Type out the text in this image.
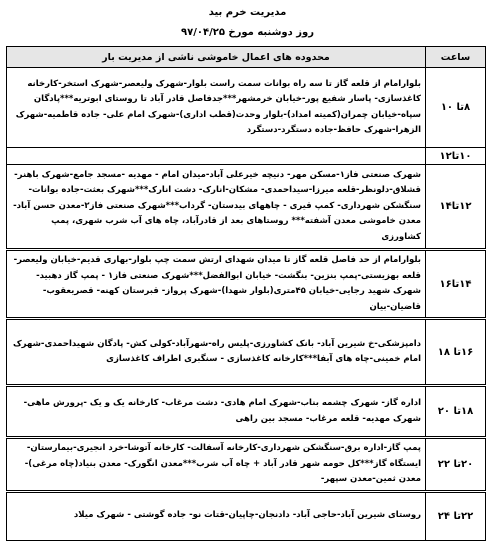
مدیریت خرم بید
روز دوشنبه مورخ ۹۷/۰۴/۲۵
ساعت	محدوده های اعمال خاموشی ناشی از مدیریت بار
۸تا ۱۰	بلوارامام از قلعه گاز تا سه راه بوانات سمت راست بلوار-شهرک ولیعصر-شهرک استخر-کارخانه کاغذسازی- پاسار شفیع پور-خیابان خرمشهر***جدفاصل قادر آباد تا روستای ابوتریه***پادگان سپاه-خیابان چمران(کمیته امداد)-بلوار وحدت(قطب اداری)-شهرک امام علی- جاده قاطمیه-شهرک الزهرا-شهرک حافظ-جاده دستگرد-دستگرد
۱۰تا۱۲	
۱۲تا۱۴	شهرک صنعتی فاز۱-مسکن مهر- دنیچه خیرعلی آباد-میدان امام - مهدیه -مسجد جامع-شهرک باهنر-قشلاق-دلونظر-قلعه میرزا-سیداحمدی- مشکان-انارک- دشت انارک***شهرک بعثت-جاده بوانات-سنگشکن شهرداری- کمپ قیری - چاههای بیدستان- گرداب***شهرک صنعتی فاز۲-معدن حسن آباد- معدن خاموشی معدن آشفته*** روستاهای بعد از قادرآباد، چاه های آب شرب شهری، پمپ کشاورزی
۱۴تا۱۶	بلوارامام از حد فاصل قلعه گاز تا میدان شهدای ارتش سمت چپ بلوار-بهاری قدیم-خیابان ولیعصر-قلعه بهزیستی-پمپ بنزین- بنگشت- خیابان ابوالفضل***شهرک صنعتی فاز۱ - پمپ گاز دهبید-شهرک شهید رجایی-خیابان ۴۵متری(بلوار شهدا)-شهرک پرواز- قبرستان کهنه- قصریعقوب- قاضیان-بیان
۱۶تا ۱۸	دامپزشکی-خ شیرین آباد- بانک کشاورزی-پلیس راه-شهرآباد-کولی کش- پادگان شهیداحمدی-شهرک امام خمینی-چاه های آبفا***کارخانه کاغذسازی - سنگبری اطراف کاغذسازی
۱۸تا ۲۰	اداره گاز- شهرک چشمه بناب-شهرک امام هادی- دشت مرغاب- کارخانه یک و یک -پرورش ماهی-شهرک مهدیه- قلعه مرغاب- مسجد بین راهی
۲۰تا ۲۲	پمپ گاز-اداره برق-سنگشکن شهرداری-کارخانه آسفالت- کارخانه آتوشا-خرد انجیری-بیمارستان- ایستگاه گاز***کل حومه شهر قادر آباد + چاه آب شرب***معدن انگورک- معدن بنیاد(چاه مرغی)-معدن ثمین-معدن سپهر-
۲۲تا ۲۴	روستای شیرین آباد-حاجی آباد- دادنجان-چاپیان-قتات نو- جاده گوشتی - شهرک میلاد
